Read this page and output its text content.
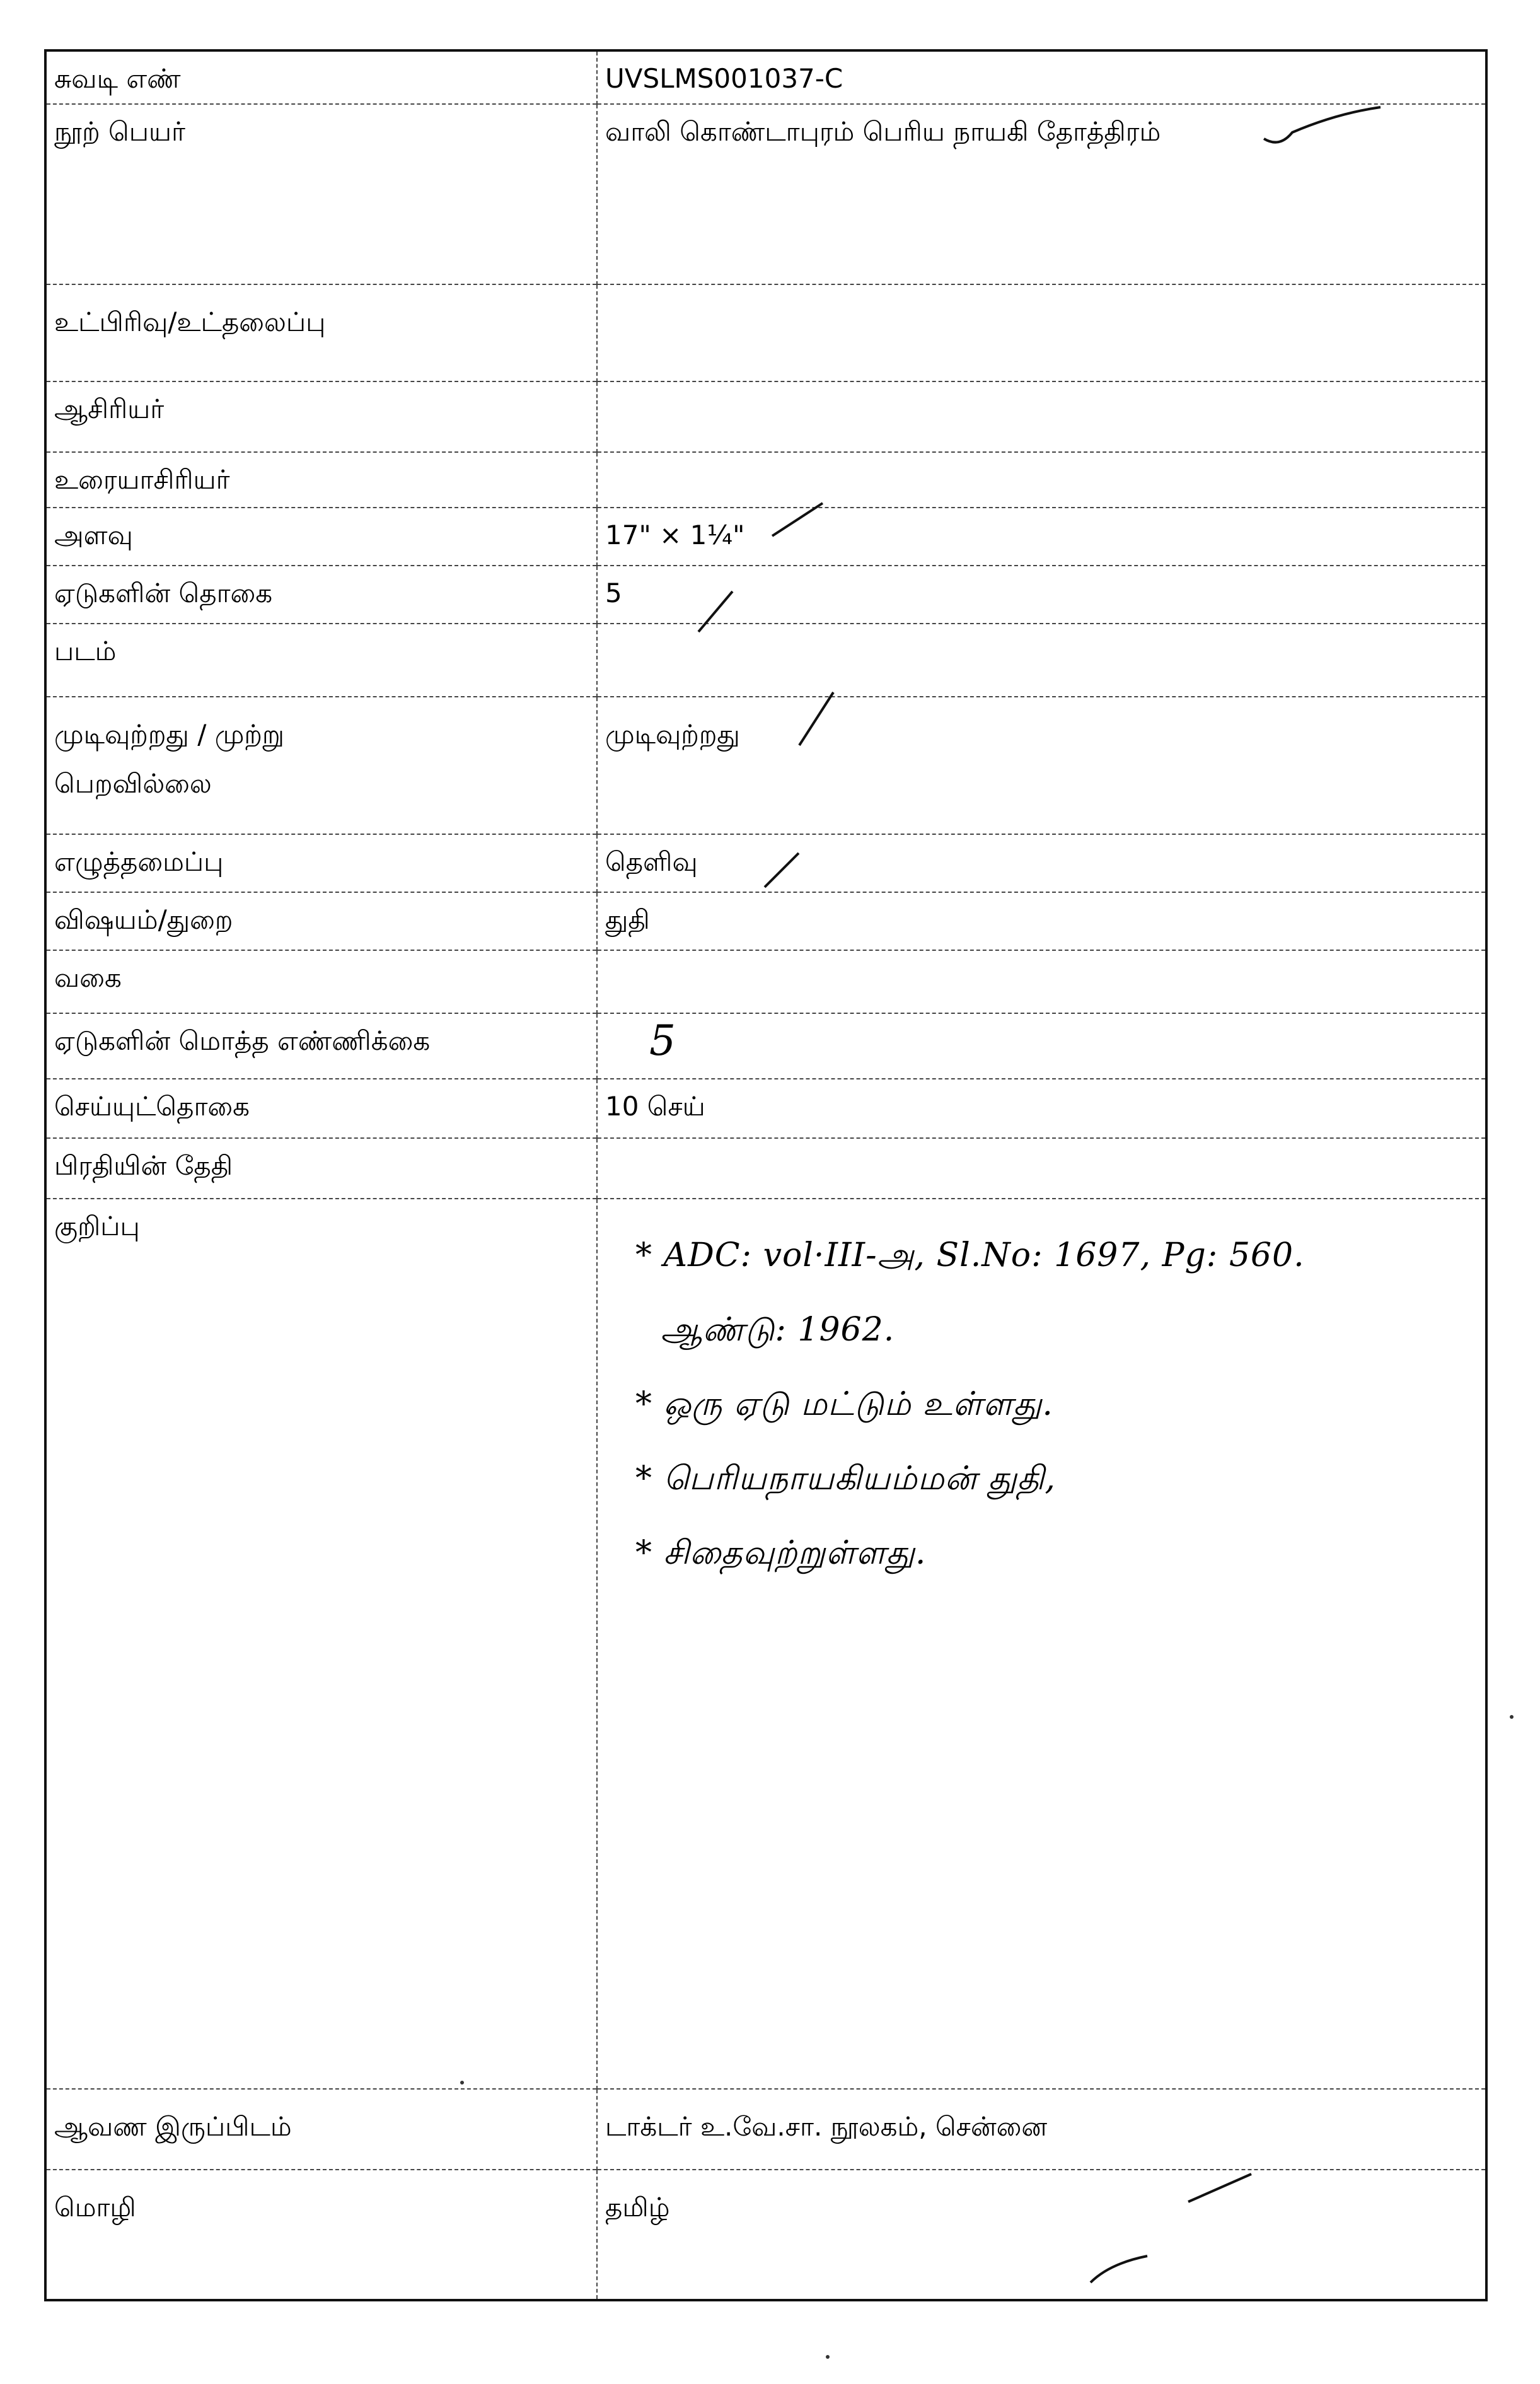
சுவடி எண்	UVSLMS001037-C
நூற் பெயர்	வாலி கொண்டாபுரம் பெரிய நாயகி தோத்திரம்
உட்பிரிவு/உட்தலைப்பு	
ஆசிரியர்	
உரையாசிரியர்	
அளவு	17" × 1¼"
ஏடுகளின் தொகை	5
படம்	
முடிவுற்றது / முற்று
பெறவில்லை	முடிவுற்றது
எழுத்தமைப்பு	தெளிவு
விஷயம்/துறை	துதி
வகை	
ஏடுகளின் மொத்த எண்ணிக்கை	5
செய்யுட்தொகை	10 செய்
பிரதியின் தேதி	
குறிப்பு	* ADC: vol·III-அ, Sl.No: 1697, Pg: 560.
ஆண்டு: 1962.
* ஒரு ஏடு மட்டும் உள்ளது.
* பெரியநாயகியம்மன் துதி,
* சிதைவுற்றுள்ளது.

ஆவண இருப்பிடம்	டாக்டர் உ.வே.சா. நூலகம், சென்னை
மொழி	தமிழ்
